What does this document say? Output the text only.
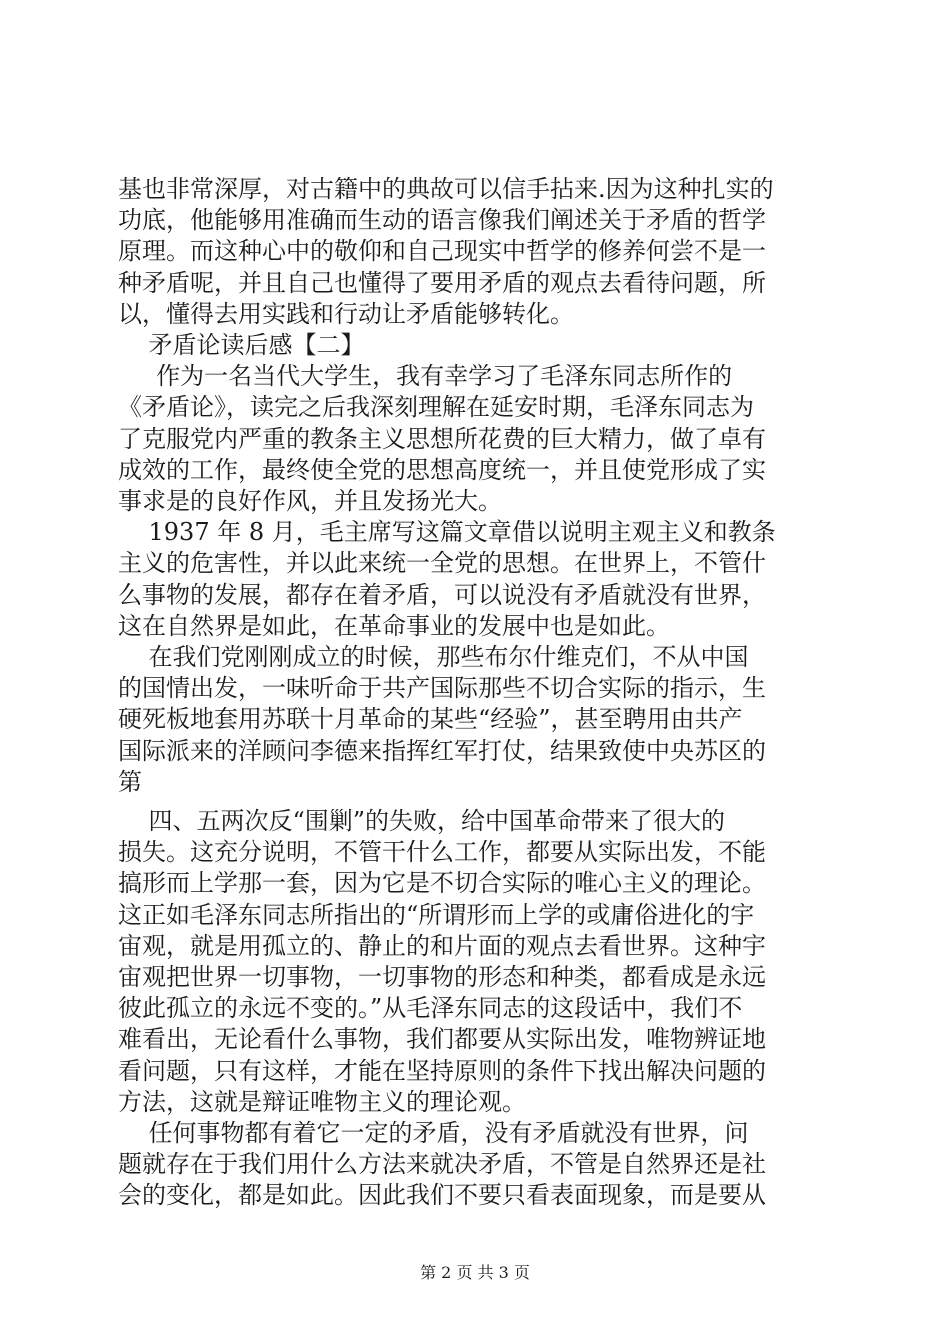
基也非常深厚，对古籍中的典故可以信手拈来.因为这种扎实的
功底，他能够用准确而生动的语言像我们阐述关于矛盾的哲学
原理。而这种心中的敬仰和自己现实中哲学的修养何尝不是一
种矛盾呢，并且自己也懂得了要用矛盾的观点去看待问题，所
以，懂得去用实践和行动让矛盾能够转化。
矛盾论读后感【二】
作为一名当代大学生，我有幸学习了毛泽东同志所作的
《矛盾论》，读完之后我深刻理解在延安时期，毛泽东同志为
了克服党内严重的教条主义思想所花费的巨大精力，做了卓有
成效的工作，最终使全党的思想高度统一，并且使党形成了实
事求是的良好作风，并且发扬光大。
1937 年 8 月，毛主席写这篇文章借以说明主观主义和教条
主义的危害性，并以此来统一全党的思想。在世界上，不管什
么事物的发展，都存在着矛盾，可以说没有矛盾就没有世界，
这在自然界是如此，在革命事业的发展中也是如此。
在我们党刚刚成立的时候，那些布尔什维克们，不从中国
的国情出发，一味听命于共产国际那些不切合实际的指示，生
硬死板地套用苏联十月革命的某些“经验”，甚至聘用由共产
国际派来的洋顾问李德来指挥红军打仗，结果致使中央苏区的
第
四、五两次反“围剿”的失败，给中国革命带来了很大的
损失。这充分说明，不管干什么工作，都要从实际出发，不能
搞形而上学那一套，因为它是不切合实际的唯心主义的理论。
这正如毛泽东同志所指出的“所谓形而上学的或庸俗进化的宇
宙观，就是用孤立的、静止的和片面的观点去看世界。这种宇
宙观把世界一切事物，一切事物的形态和种类，都看成是永远
彼此孤立的永远不变的。”从毛泽东同志的这段话中，我们不
难看出，无论看什么事物，我们都要从实际出发，唯物辨证地
看问题，只有这样，才能在坚持原则的条件下找出解决问题的
方法，这就是辩证唯物主义的理论观。
任何事物都有着它一定的矛盾，没有矛盾就没有世界，问
题就存在于我们用什么方法来就决矛盾，不管是自然界还是社
会的变化，都是如此。因此我们不要只看表面现象，而是要从
第 2 页 共 3 页
